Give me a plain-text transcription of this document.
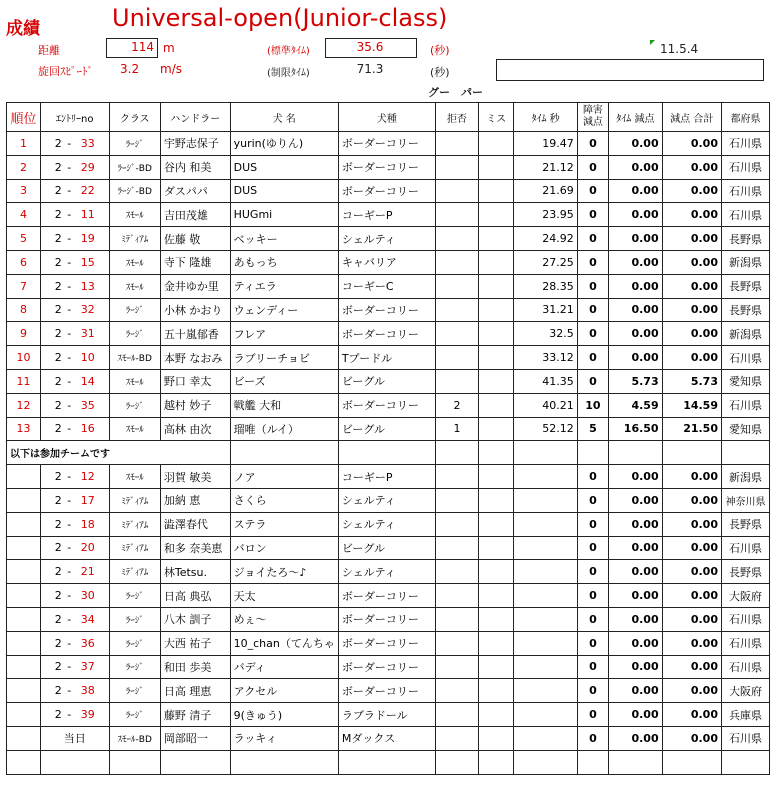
成績	Universal-open(Junior-class)
距離	114 m
旋回ｽﾋﾟｰﾄﾞ 3.2 m/s
(標準ﾀｲﾑ)	35.6	(秒)
(制限ﾀｲﾑ)	71.3	(秒)
11.5.4
グー　パー
順位	ｴﾝﾄﾘｰno	クラス	ハンドラー	犬 名	犬種	拒否	ミス	ﾀｲﾑ 秒	障害減点	ﾀｲﾑ 減点	減点 合計	都府県
1	2 - 33	ﾗｰｼﾞ	宇野志保子	yurin(ゆりん)	ボーダーコリー			19.47	0	0.00	0.00	石川県
2	2 - 29	ﾗｰｼﾞ-BD	谷内 和美	DUS	ボーダーコリー			21.12	0	0.00	0.00	石川県
3	2 - 22	ﾗｰｼﾞ-BD	ダスパパ	DUS	ボーダーコリー			21.69	0	0.00	0.00	石川県
4	2 - 11	ｽﾓｰﾙ	吉田茂雄	HUGmi	コーギーP			23.95	0	0.00	0.00	石川県
5	2 - 19	ﾐﾃﾞｨｱﾑ	佐藤 敬	ベッキー	シェルティ			24.92	0	0.00	0.00	長野県
6	2 - 15	ｽﾓｰﾙ	寺下 隆雄	あもっち	キャバリア			27.25	0	0.00	0.00	新潟県
7	2 - 13	ｽﾓｰﾙ	金井ゆか里	ティエラ	コーギーC			28.35	0	0.00	0.00	長野県
8	2 - 32	ﾗｰｼﾞ	小林 かおり	ウェンディー	ボーダーコリー			31.21	0	0.00	0.00	長野県
9	2 - 31	ﾗｰｼﾞ	五十嵐郁香	フレア	ボーダーコリー			32.5	0	0.00	0.00	新潟県
10	2 - 10	ｽﾓｰﾙ-BD	本野 なおみ	ラブリーチョビ	Tプードル			33.12	0	0.00	0.00	石川県
11	2 - 14	ｽﾓｰﾙ	野口 幸太	ビーズ	ビーグル			41.35	0	5.73	5.73	愛知県
12	2 - 35	ﾗｰｼﾞ	越村 妙子	戦艦 大和	ボーダーコリー	2		40.21	10	4.59	14.59	石川県
13	2 - 16	ｽﾓｰﾙ	高林 由次	瑠唯（ルイ）	ビーグル	1		52.12	5	16.50	21.50	愛知県
以下は参加チームです												
	2 - 12	ｽﾓｰﾙ	羽賀 敏美	ノア	コーギーP				0	0.00	0.00	新潟県
	2 - 17	ﾐﾃﾞｨｱﾑ	加納 恵	さくら	シェルティ				0	0.00	0.00	神奈川県
	2 - 18	ﾐﾃﾞｨｱﾑ	澁澤春代	ステラ	シェルティ				0	0.00	0.00	長野県
	2 - 20	ﾐﾃﾞｨｱﾑ	和多 奈美恵	バロン	ビーグル				0	0.00	0.00	石川県
	2 - 21	ﾐﾃﾞｨｱﾑ	林Tetsu.	ジョイたろ～♪	シェルティ				0	0.00	0.00	長野県
	2 - 30	ﾗｰｼﾞ	日高 典弘	天太	ボーダーコリー				0	0.00	0.00	大阪府
	2 - 34	ﾗｰｼﾞ	八木 訓子	めぇ～	ボーダーコリー				0	0.00	0.00	石川県
	2 - 36	ﾗｰｼﾞ	大西 祐子	10_chan（てんちゃ	ボーダーコリー				0	0.00	0.00	石川県
	2 - 37	ﾗｰｼﾞ	和田 歩美	バディ	ボーダーコリー				0	0.00	0.00	石川県
	2 - 38	ﾗｰｼﾞ	日高 理恵	アクセル	ボーダーコリー				0	0.00	0.00	大阪府
	2 - 39	ﾗｰｼﾞ	藤野 清子	9(きゅう)	ラブラドール				0	0.00	0.00	兵庫県
	当日	ｽﾓｰﾙ-BD	岡部昭一	ラッキィ	Mダックス				0	0.00	0.00	石川県
